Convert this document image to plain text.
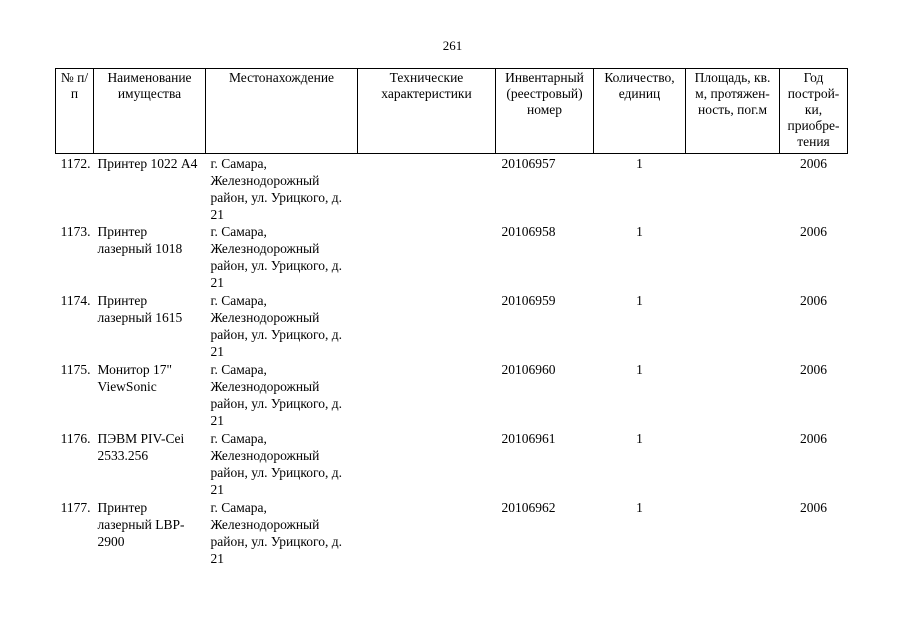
261
№ п/п	Наименование имущества	Местонахождение	Технические характеристики	Инвентарный (реестровый) номер	Количество, единиц	Площадь, кв. м, протяжен-ность, пог.м	Год построй-ки, приобре-тения
1172.	Принтер 1022 А4	г. Самара, Железнодорожный район, ул. Урицкого, д. 21		20106957	1		2006
1173.	Принтер лазерный 1018	г. Самара, Железнодорожный район, ул. Урицкого, д. 21		20106958	1		2006
1174.	Принтер лазерный 1615	г. Самара, Железнодорожный район, ул. Урицкого, д. 21		20106959	1		2006
1175.	Монитор 17" ViewSonic	г. Самара, Железнодорожный район, ул. Урицкого, д. 21		20106960	1		2006
1176.	ПЭВМ PIV-Cei 2533.256	г. Самара, Железнодорожный район, ул. Урицкого, д. 21		20106961	1		2006
1177.	Принтер лазерный LBP-2900	г. Самара, Железнодорожный район, ул. Урицкого, д. 21		20106962	1		2006
